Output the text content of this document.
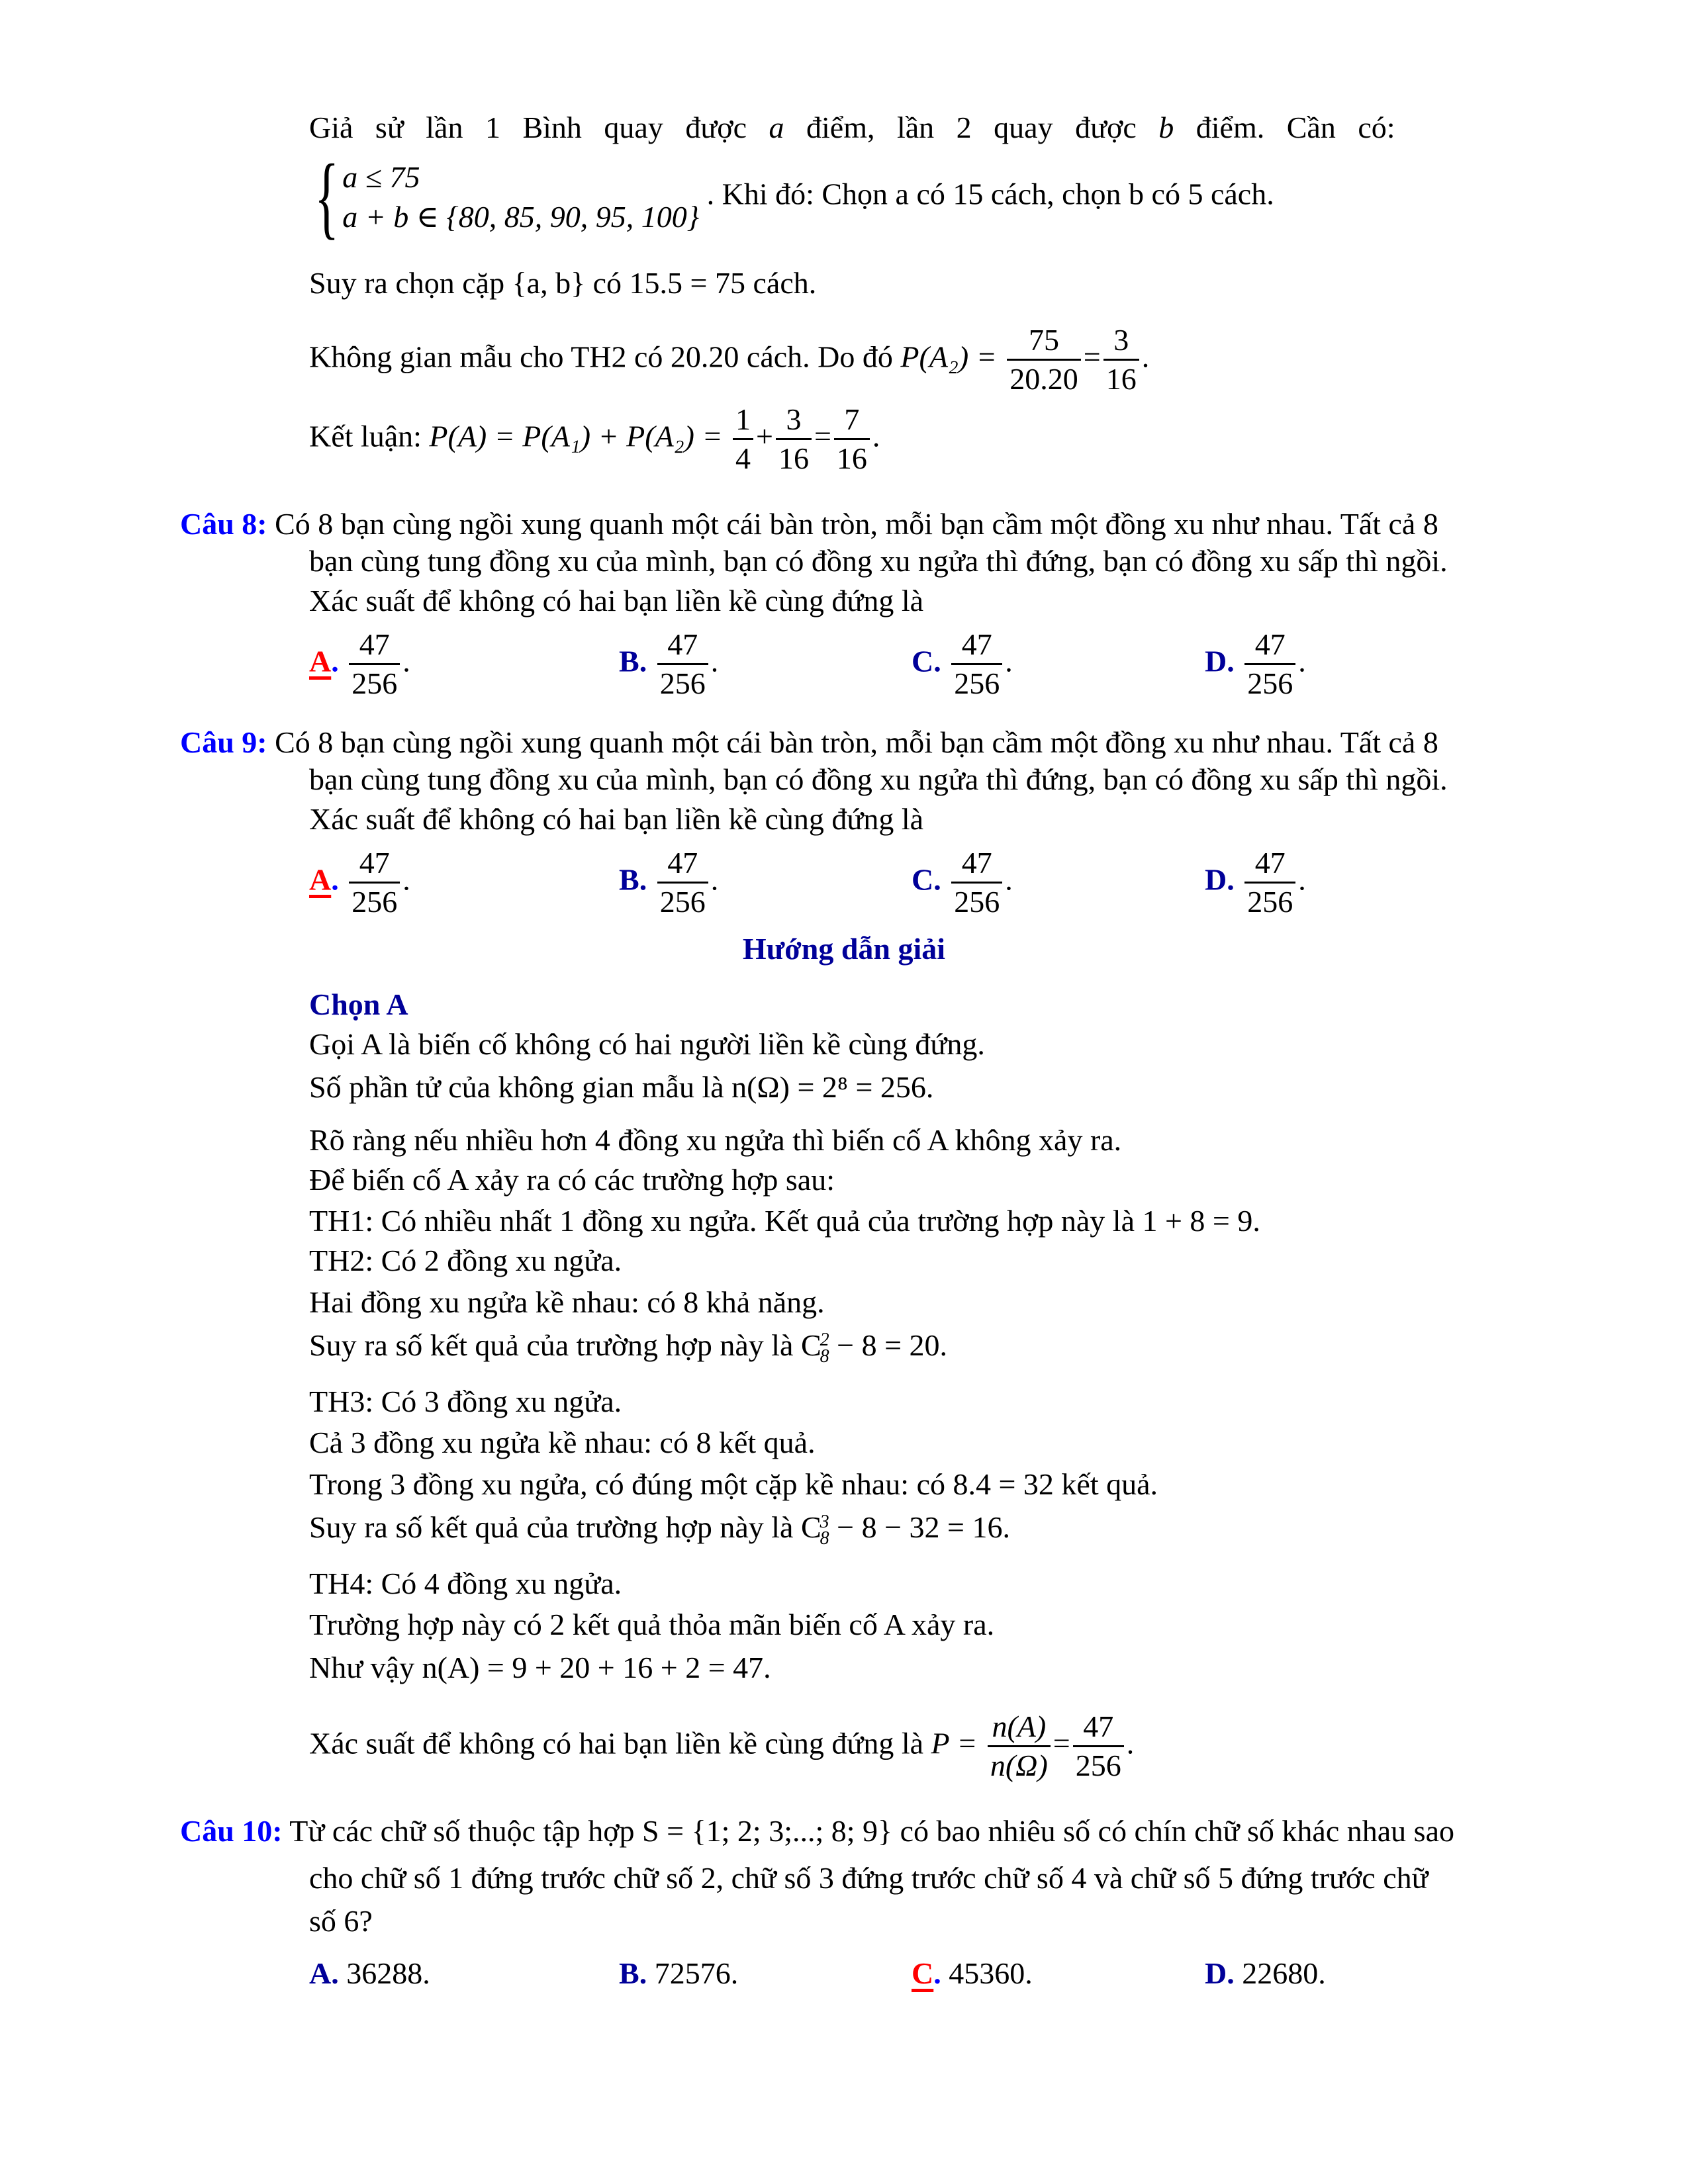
Giả sử lần 1 Bình quay được a điểm, lần 2 quay được b điểm. Cần có:
{ a ≤ 75
a + b ∈ {80, 85, 90, 95, 100}
. Khi đó: Chọn a có 15 cách, chọn b có 5 cách.
Suy ra chọn cặp {a, b} có 15.5 = 75 cách.
Không gian mẫu cho TH2 có 20.20 cách. Do đó $P(A_2) = \frac{75}{20.20} = \frac{3}{16}$ .
Kết luận: $P(A) = P(A_1) + P(A_2) = \frac{1}{4} + \frac{3}{16} = \frac{7}{16}$ .
Câu 8: Có 8 bạn cùng ngồi xung quanh một cái bàn tròn, mỗi bạn cầm một đồng xu như nhau. Tất cả 8
bạn cùng tung đồng xu của mình, bạn có đồng xu ngửa thì đứng, bạn có đồng xu sấp thì ngồi.
Xác suất để không có hai bạn liền kề cùng đứng là
A. $\frac{47}{256}$ .	B. $\frac{47}{256}$ .	C. $\frac{47}{256}$ .	D. $\frac{47}{256}$ .
Câu 9: Có 8 bạn cùng ngồi xung quanh một cái bàn tròn, mỗi bạn cầm một đồng xu như nhau. Tất cả 8
bạn cùng tung đồng xu của mình, bạn có đồng xu ngửa thì đứng, bạn có đồng xu sấp thì ngồi.
Xác suất để không có hai bạn liền kề cùng đứng là
A. $\frac{47}{256}$ .	B. $\frac{47}{256}$ .	C. $\frac{47}{256}$ .	D. $\frac{47}{256}$ .
Hướng dẫn giải
Chọn A
Gọi A là biến cố không có hai người liền kề cùng đứng.
Số phần tử của không gian mẫu là n(Ω) = 2⁸ = 256.
Rõ ràng nếu nhiều hơn 4 đồng xu ngửa thì biến cố A không xảy ra.
Để biến cố A xảy ra có các trường hợp sau:
TH1: Có nhiều nhất 1 đồng xu ngửa. Kết quả của trường hợp này là 1 + 8 = 9.
TH2: Có 2 đồng xu ngửa.
Hai đồng xu ngửa kề nhau: có 8 khả năng.
Suy ra số kết quả của trường hợp này là C
2
8 − 8 = 20.
TH3: Có 3 đồng xu ngửa.
Cả 3 đồng xu ngửa kề nhau: có 8 kết quả.
Trong 3 đồng xu ngửa, có đúng một cặp kề nhau: có 8.4 = 32 kết quả.
Suy ra số kết quả của trường hợp này là C
3
8 − 8 − 32 = 16.
TH4: Có 4 đồng xu ngửa.
Trường hợp này có 2 kết quả thỏa mãn biến cố A xảy ra.
Như vậy n(A) = 9 + 20 + 16 + 2 = 47.
Xác suất để không có hai bạn liền kề cùng đứng là $P = \frac{n(A)}{n(\Omega)} = \frac{47}{256}$ .
Câu 10: Từ các chữ số thuộc tập hợp S = {1; 2; 3;...; 8; 9} có bao nhiêu số có chín chữ số khác nhau sao
cho chữ số 1 đứng trước chữ số 2, chữ số 3 đứng trước chữ số 4 và chữ số 5 đứng trước chữ
số 6?
A. 36288.	B. 72576.	C. 45360.	D. 22680.
